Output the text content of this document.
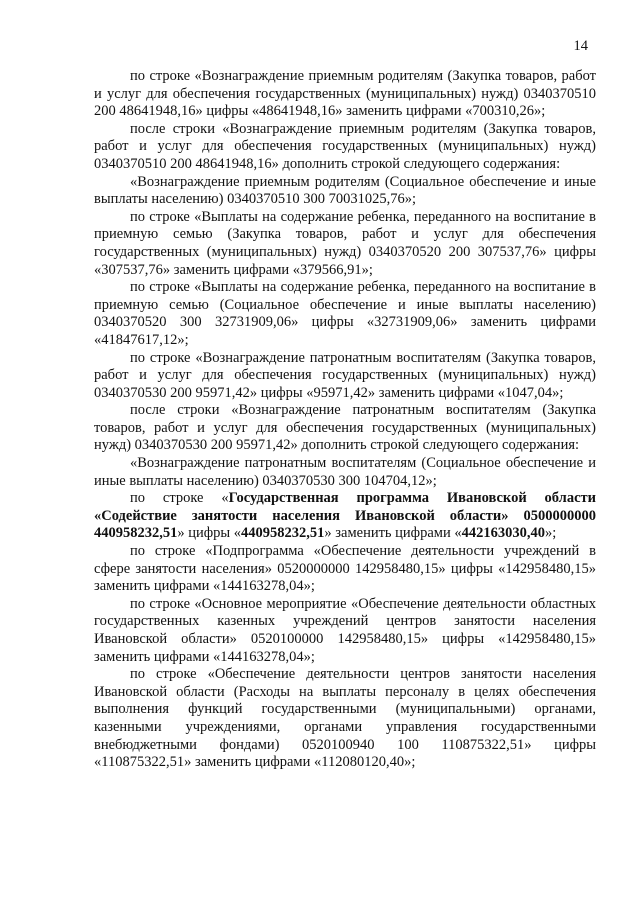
14

по строке «Вознаграждение приемным родителям (Закупка товаров, работ и услуг для обеспечения государственных (муниципальных) нужд) 0340370510 200 48641948,16» цифры «48641948,16» заменить цифрами «700310,26»;

после строки «Вознаграждение приемным родителям (Закупка товаров, работ и услуг для обеспечения государственных (муниципальных) нужд) 0340370510 200 48641948,16» дополнить строкой следующего содержания:

«Вознаграждение приемным родителям (Социальное обеспечение и иные выплаты населению) 0340370510 300 70031025,76»;

по строке «Выплаты на содержание ребенка, переданного на воспитание в приемную семью (Закупка товаров, работ и услуг для обеспечения государственных (муниципальных) нужд) 0340370520 200 307537,76» цифры «307537,76» заменить цифрами «379566,91»;

по строке «Выплаты на содержание ребенка, переданного на воспитание в приемную семью (Социальное обеспечение и иные выплаты населению) 0340370520 300 32731909,06» цифры «32731909,06» заменить цифрами «41847617,12»;

по строке «Вознаграждение патронатным воспитателям (Закупка товаров, работ и услуг для обеспечения государственных (муниципальных) нужд) 0340370530 200 95971,42» цифры «95971,42» заменить цифрами «1047,04»;

после строки «Вознаграждение патронатным воспитателям (Закупка товаров, работ и услуг для обеспечения государственных (муниципальных) нужд) 0340370530 200 95971,42» дополнить строкой следующего содержания:

«Вознаграждение патронатным воспитателям (Социальное обеспечение и иные выплаты населению) 0340370530 300 104704,12»;

по строке «Государственная программа Ивановской области «Содействие занятости населения Ивановской области» 0500000000 440958232,51» цифры «440958232,51» заменить цифрами «442163030,40»;

по строке «Подпрограмма «Обеспечение деятельности учреждений в сфере занятости населения» 0520000000 142958480,15» цифры «142958480,15» заменить цифрами «144163278,04»;

по строке «Основное мероприятие «Обеспечение деятельности областных государственных казенных учреждений центров занятости населения Ивановской области» 0520100000 142958480,15» цифры «142958480,15» заменить цифрами «144163278,04»;

по строке «Обеспечение деятельности центров занятости населения Ивановской области (Расходы на выплаты персоналу в целях обеспечения выполнения функций государственными (муниципальными) органами, казенными учреждениями, органами управления государственными внебюджетными фондами) 0520100940 100 110875322,51» цифры «110875322,51» заменить цифрами «112080120,40»;
